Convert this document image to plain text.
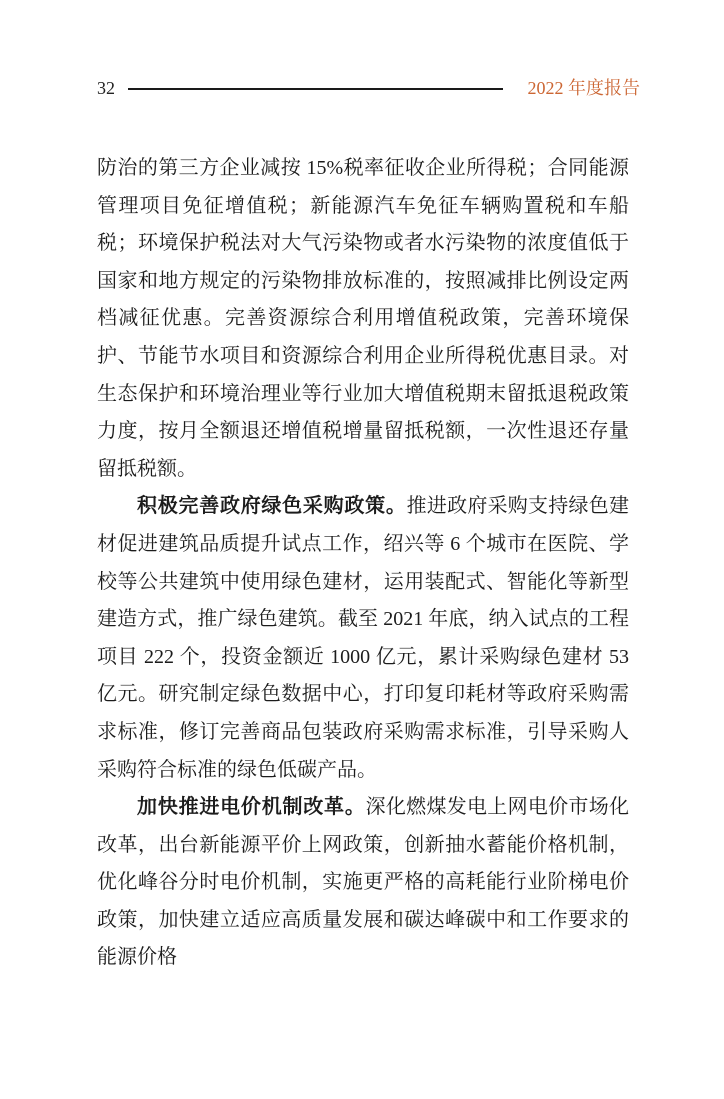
32	2022 年度报告

防治的第三方企业减按 15%税率征收企业所得税；合同能源管理项目免征增值税；新能源汽车免征车辆购置税和车船税；环境保护税法对大气污染物或者水污染物的浓度值低于国家和地方规定的污染物排放标准的，按照减排比例设定两档减征优惠。完善资源综合利用增值税政策，完善环境保护、节能节水项目和资源综合利用企业所得税优惠目录。对生态保护和环境治理业等行业加大增值税期末留抵退税政策力度，按月全额退还增值税增量留抵税额，一次性退还存量留抵税额。

积极完善政府绿色采购政策。推进政府采购支持绿色建材促进建筑品质提升试点工作，绍兴等 6 个城市在医院、学校等公共建筑中使用绿色建材，运用装配式、智能化等新型建造方式，推广绿色建筑。截至 2021 年底，纳入试点的工程项目 222 个，投资金额近 1000 亿元，累计采购绿色建材 53 亿元。研究制定绿色数据中心，打印复印耗材等政府采购需求标准，修订完善商品包装政府采购需求标准，引导采购人采购符合标准的绿色低碳产品。

加快推进电价机制改革。深化燃煤发电上网电价市场化改革，出台新能源平价上网政策，创新抽水蓄能价格机制，优化峰谷分时电价机制，实施更严格的高耗能行业阶梯电价政策，加快建立适应高质量发展和碳达峰碳中和工作要求的能源价格
